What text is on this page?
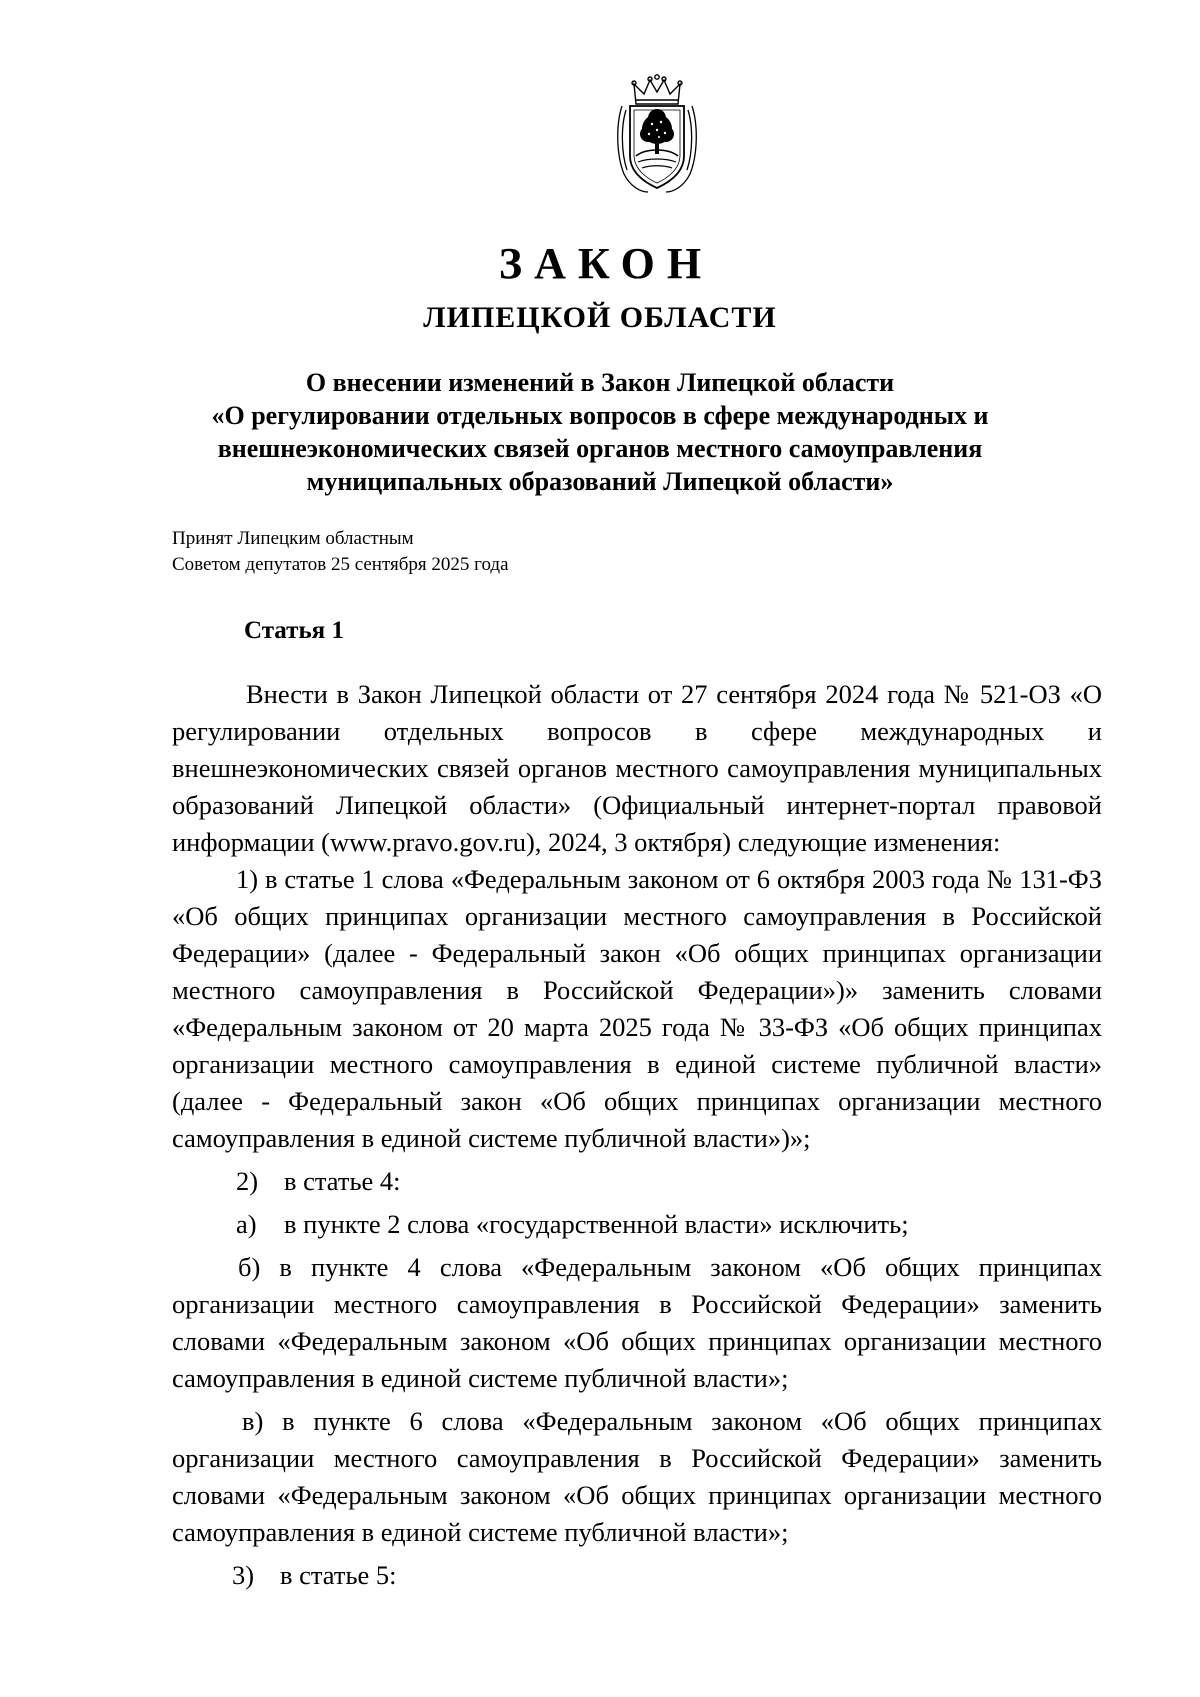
ЗАКОН
ЛИПЕЦКОЙ ОБЛАСТИ
О внесении изменений в Закон Липецкой области
«О регулировании отдельных вопросов в сфере международных и
внешнеэкономических связей органов местного самоуправления
муниципальных образований Липецкой области»
Принят Липецким областным
Советом депутатов 25 сентября 2025 года
Статья 1

Внести в Закон Липецкой области от 27 сентября 2024 года № 521-ОЗ «О регулировании отдельных вопросов в сфере международных и внешнеэкономических связей органов местного самоуправления муниципальных образований Липецкой области» (Официальный интернет-портал правовой информации (www.pravo.gov.ru), 2024, 3 октября) следующие изменения:

1) в статье 1 слова «Федеральным законом от 6 октября 2003 года № 131-ФЗ «Об общих принципах организации местного самоуправления в Российской Федерации» (далее - Федеральный закон «Об общих принципах организации местного самоуправления в Российской Федерации»)» заменить словами «Федеральным законом от 20 марта 2025 года № 33-ФЗ «Об общих принципах организации местного самоуправления в единой системе публичной власти» (далее - Федеральный закон «Об общих принципах организации местного самоуправления в единой системе публичной власти»)»;

2) в статье 4:

а) в пункте 2 слова «государственной власти» исключить;

б) в пункте 4 слова «Федеральным законом «Об общих принципах организации местного самоуправления в Российской Федерации» заменить словами «Федеральным законом «Об общих принципах организации местного самоуправления в единой системе публичной власти»;

в) в пункте 6 слова «Федеральным законом «Об общих принципах организации местного самоуправления в Российской Федерации» заменить словами «Федеральным законом «Об общих принципах организации местного самоуправления в единой системе публичной власти»;

3) в статье 5:
